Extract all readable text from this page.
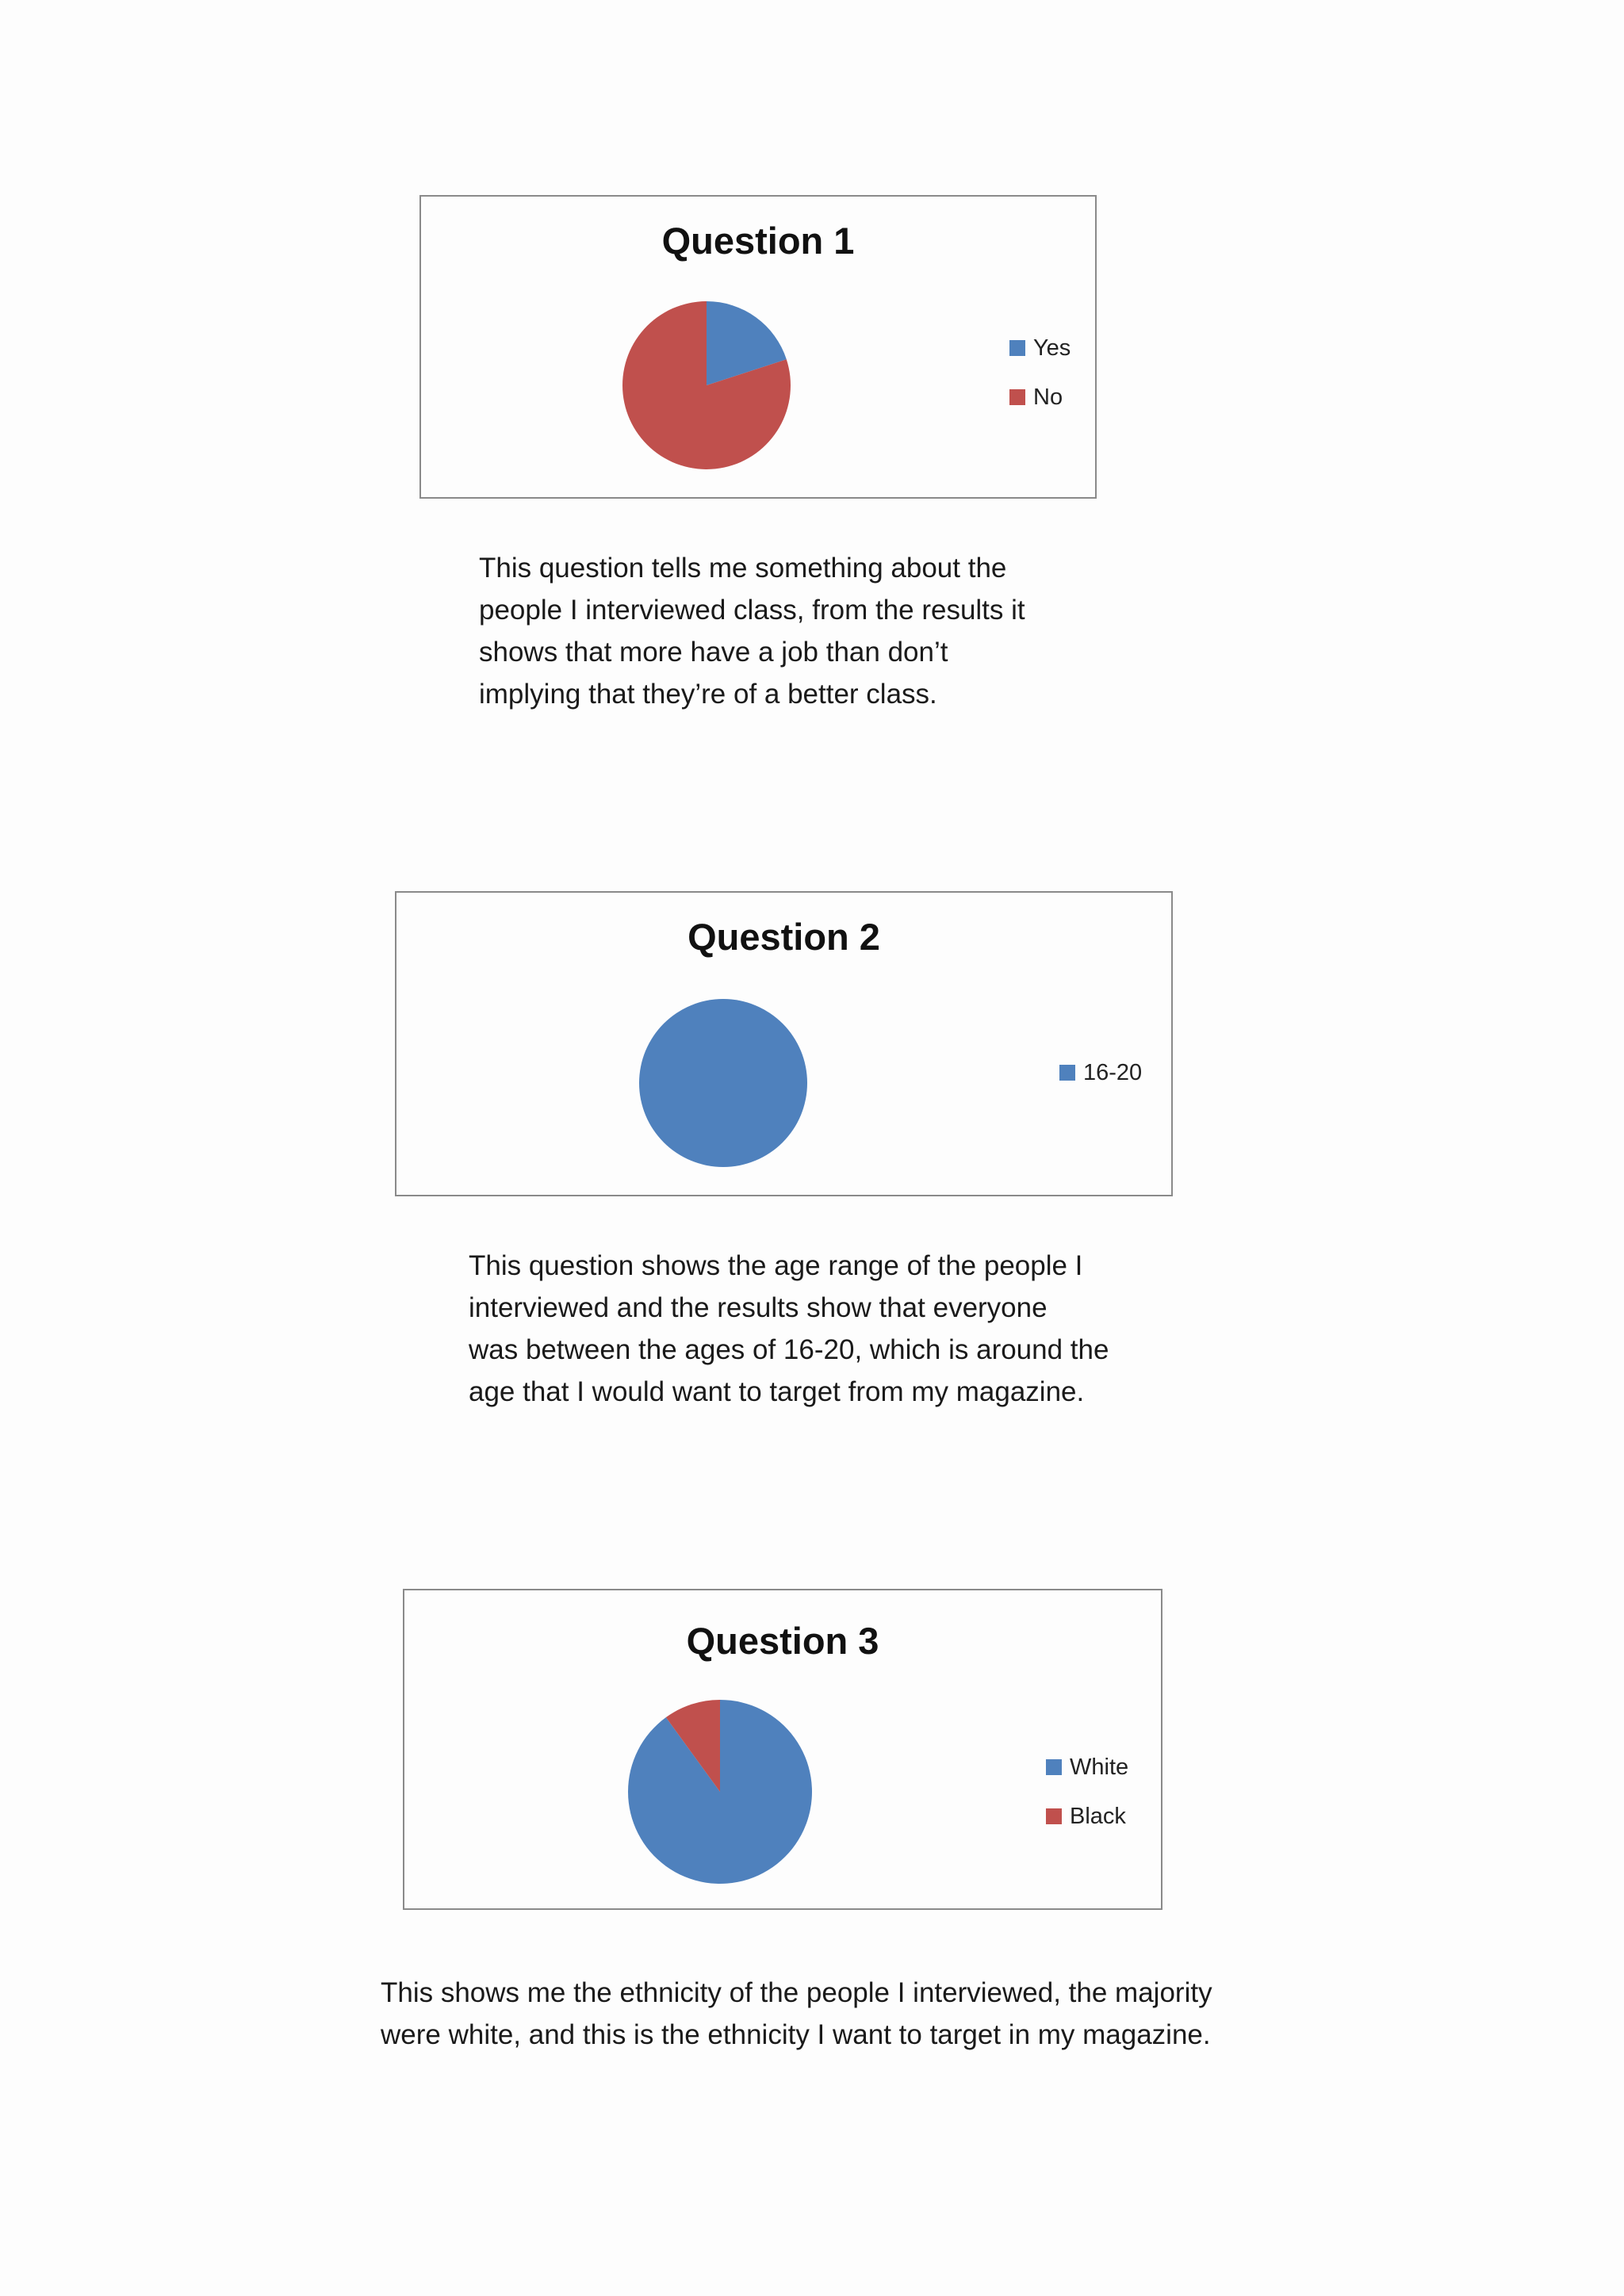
Question 1
Yes
No

This question tells me something about the

people I interviewed class, from the results it

shows that more have a job than don’t

implying that they’re of a better class.

Question 2
16-20

This question shows the age range of the people I

interviewed and the results show that everyone

was between the ages of 16-20, which is around the

age that I would want to target from my magazine.

Question 3
White
Black

This shows me the ethnicity of the people I interviewed, the majority

were white, and this is the ethnicity I want to target in my magazine.
